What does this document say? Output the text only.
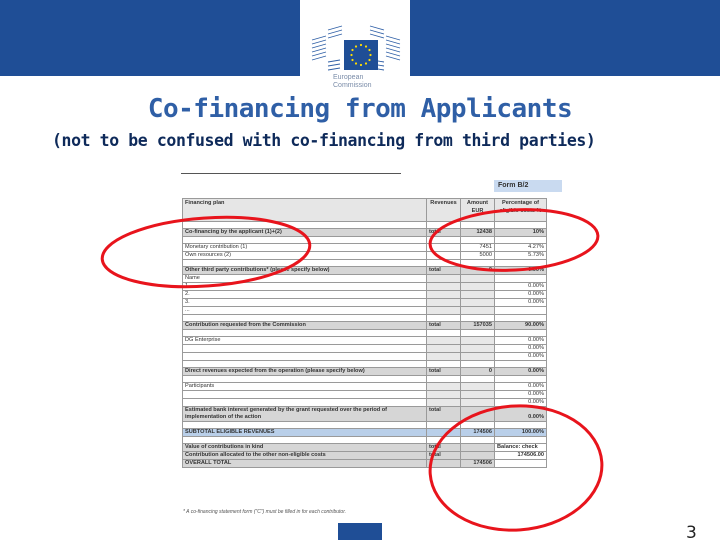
European
Commission
Co-financing from Applicants
(not to be confused with co-financing from third parties)
Form B/2
Financing plan	Revenues	Amount EUR	Percentage of eligible costs %

Co-financing by the applicant (1)+(2)	total	12438	10%

Monetary contribution (1)		7451	4.27%
Own resources (2)		5000	5.73%

Other third party contributions* (please specify below)	total	0	0.00%
Name			
1.			0.00%
2.			0.00%
3.			0.00%
...			

Contribution requested from the Commission	total	157035	90.00%

DG Enterprise			0.00%
			0.00%
			0.00%

Direct revenues expected from the operation (please specify below)	total	0	0.00%

Participants			0.00%
			0.00%
			0.00%

Estimated bank interest generated by the grant requested over the period of
implementation of the action	total		0.00%

SUBTOTAL ELIGIBLE REVENUES		174506	100.00%

Value of contributions in kind	total		Balance: check
Contribution allocated to the other non-eligible costs	total		174506.00
OVERALL TOTAL		174506	
* A co-financing statement form ("C") must be filled in for each contributor.
3
